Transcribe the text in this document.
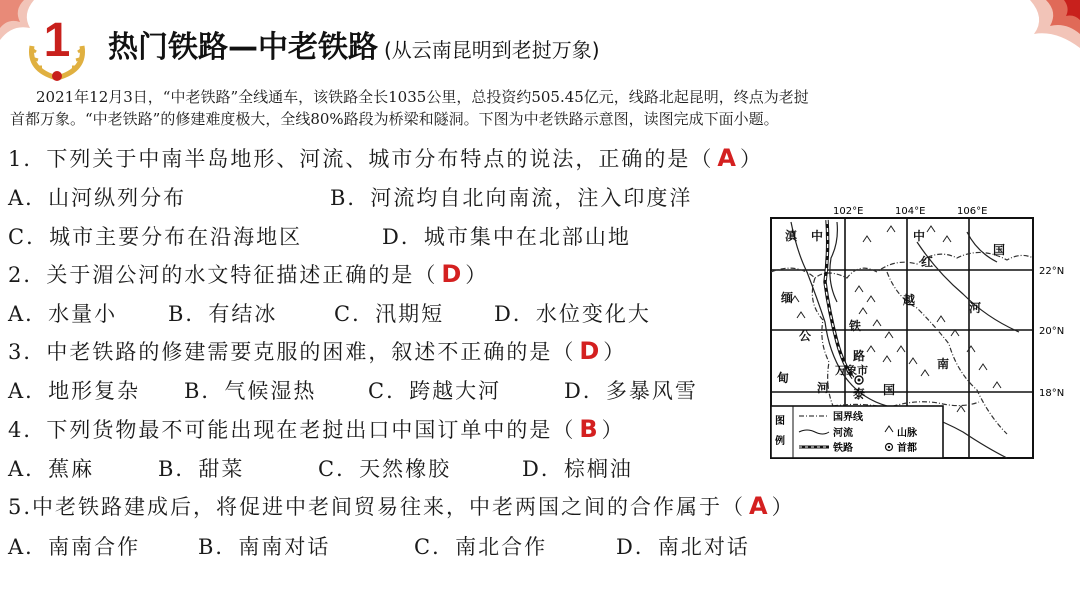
1 热门铁路—中老铁路 (从云南昆明到老挝万象)
2021年12月3日，“中老铁路”全线通车，该铁路全长1035公里，总投资约505.45亿元，线路北起昆明，终点为老挝
首都万象。“中老铁路”的修建难度极大，全线80%路段为桥梁和隧洞。下图为中老铁路示意图，读图完成下面小题。
1．下列关于中南半岛地形、河流、城市分布特点的说法，正确的是（ A ）
A．山河纵列分布	B．河流均自北向南流，注入印度洋
C．城市主要分布在沿海地区	D．城市集中在北部山地
2．关于湄公河的水文特征描述正确的是（ D ）
A．水量小 B．有结冰	C．汛期短 D．水位变化大
3．中老铁路的修建需要克服的困难，叙述不正确的是（ D ）
A．地形复杂 B．气候湿热 C．跨越大河	D．多暴风雪
4．下列货物最不可能出现在老挝出口中国订单中的是（ B ）
A．蕉麻	B．甜菜	C．天然橡胶	D．棕榈油
5.中老铁路建成后，将促进中老间贸易往来，中老两国之间的合作属于（ A ）
A．南南合作	B．南南对话	C．南北合作	D．南北对话
102°E	104°E	106°E
22°N
20°N
18°N
滇 中	中
国
红
缅	越
河
铁
路
公
甸
河
万象市	南
泰 国
图
例
国界线
河流	山脉
铁路	首都
